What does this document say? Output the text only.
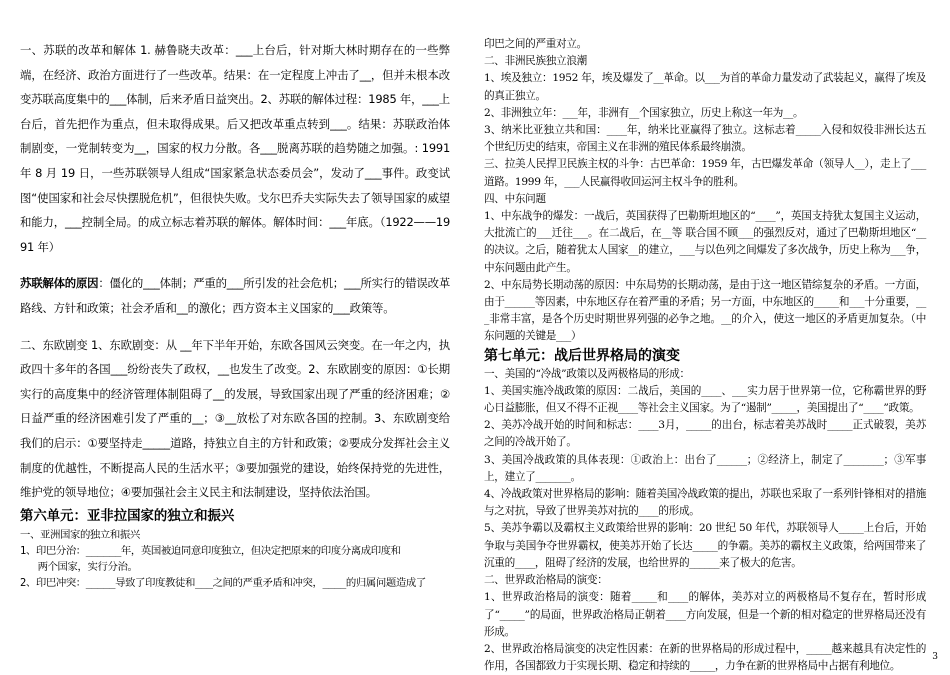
一、苏联的改革和解体 1. 赫鲁晓夫改革：___上台后，针对斯大林时期存在的一些弊端，在经济、政治方面进行了一些改革。结果：在一定程度上冲击了__，但并未根本改变苏联高度集中的___体制，后来矛盾日益突出。2、苏联的解体过程：1985 年，___上台后，首先把作为重点，但未取得成果。后又把改革重点转到___。结果：苏联政治体制剧变，一党制转变为__，国家的权力分散。各___脱离苏联的趋势随之加强。: 1991 年 8 月 19 日，一些苏联领导人组成“国家紧急状态委员会”，发动了___事件。政变试图“使国家和社会尽快摆脱危机”，但很快失败。戈尔巴乔夫实际失去了领导国家的威望和能力，___控制全局。的成立标志着苏联的解体。解体时间：___年底。（1922——1991 年）

苏联解体的原因：僵化的___体制；严重的___所引发的社会危机；___所实行的错误改革路线、方针和政策；社会矛盾和__的激化；西方资本主义国家的___政策等。

二、东欧剧变 1、东欧剧变：从 __年下半年开始，东欧各国风云突变。在一年之内，执政四十多年的各国___纷纷丧失了政权，__也发生了改变。2、东欧剧变的原因：①长期实行的高度集中的经济管理体制阻碍了__的发展，导致国家出现了严重的经济困难；②日益严重的经济困难引发了严重的__；③__放松了对东欧各国的控制。3、东欧剧变给我们的启示：①要坚持走_____道路，持独立自主的方针和政策；②要成分发挥社会主义制度的优越性，不断提高人民的生活水平；③要加强党的建设，始终保持党的先进性，维护党的领导地位；④要加强社会主义民主和法制建设，坚持依法治国。

第六单元：亚非拉国家的独立和振兴

一、亚洲国家的独立和振兴

1、印巴分治：______年，英国被迫同意印度独立，但决定把原来的印度分离成印度和
两个国家，实行分治。

2、印巴冲突：_____导致了印度教徒和___之间的严重矛盾和冲突，____的归属问题造成了

印巴之间的严重对立。

二、非洲民族独立浪潮

1、埃及独立：1952 年，埃及爆发了__革命。以___为首的革命力量发动了武装起义，赢得了埃及的真正独立。

2、非洲独立年：___年，非洲有__个国家独立，历史上称这一年为__。

3、纳米比亚独立共和国：____年，纳米比亚赢得了独立。这标志着_____入侵和奴役非洲长达五个世纪历史的结束，帝国主义在非洲的殖民体系最终崩溃。

三、拉美人民捍卫民族主权的斗争：古巴革命：1959 年，古巴爆发革命（领导人__），走上了___道路。1999 年，___人民赢得收回运河主权斗争的胜利。

四、中东问题

1、中东战争的爆发：一战后，英国获得了巴勒斯坦地区的“____”，英国支持犹太复国主义运动，大批流亡的___迁往___。在二战后，在__等 联合国不顾___的强烈反对，通过了巴勒斯坦地区“__的决议。之后，随着犹太人国家__的建立，___与以色列之间爆发了多次战争，历史上称为___争，中东问题由此产生。

2、中东局势长期动荡的原因：中东局势的长期动荡，是由于这一地区错综复杂的矛盾。一方面，由于______等因素，中东地区存在着严重的矛盾；另一方面，中东地区的_____和___十分重要，___非常丰富，是各个历史时期世界列强的必争之地。__的介入，使这一地区的矛盾更加复杂。（中东问题的关键是___）

第七单元：战后世界格局的演变

一、美国的“冷战”政策以及两极格局的形成：

1、美国实施冷战政策的原因：二战后，美国的____、___实力居于世界第一位，它称霸世界的野心日益膨胀，但又不得不正视____等社会主义国家。为了“遏制”_____，美国提出了“____”政策。

2、美苏冷战开始的时间和标志：____3月，_____的出台，标志着美苏战时_____正式破裂，美苏之间的冷战开始了。

3、美国冷战政策的具体表现：①政治上：出台了______；②经济上，制定了________；③军事上，建立了_______。

4、冷战政策对世界格局的影响：随着美国冷战政策的提出，苏联也采取了一系列针锋相对的措施与之对抗，导致了世界美苏对抗的____的形成。

5、美苏争霸以及霸权主义政策给世界的影响：20 世纪 50 年代，苏联领导人_____上台后，开始争取与美国争夺世界霸权，使美苏开始了长达_____的争霸。美苏的霸权主义政策，给两国带来了沉重的____，阻碍了经济的发展，也给世界的______来了极大的危害。

二、世界政治格局的演变：

1、世界政治格局的演变：随着_____和____的解体，美苏对立的两极格局不复存在，暂时形成了“_____”的局面，世界政治格局正朝着____方向发展，但是一个新的相对稳定的世界格局还没有形成。

2、世界政治格局演变的决定性因素：在新的世界格局的形成过程中，_____越来越具有决定性的作用，各国都致力于实现长期、稳定和持续的_____，力争在新的世界格局中占据有利地位。

3
